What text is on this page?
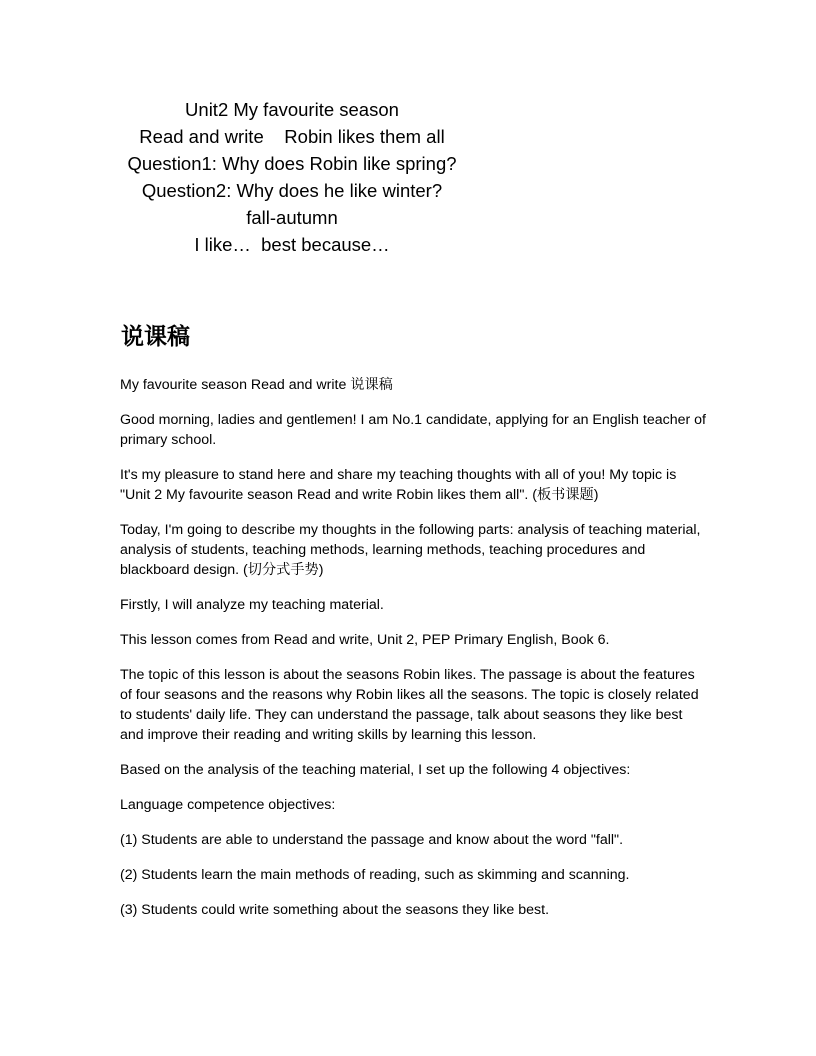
Unit2 My favourite season

Read and write    Robin likes them all

Question1: Why does Robin like spring?

Question2: Why does he like winter?

fall-autumn

I like…  best because…

说课稿

My favourite season Read and write 说课稿

Good morning, ladies and gentlemen! I am No.1 candidate, applying for an English teacher of primary school.

It's my pleasure to stand here and share my teaching thoughts with all of you! My topic is "Unit 2 My favourite season Read and write Robin likes them all". (板书课题)

Today, I'm going to describe my thoughts in the following parts: analysis of teaching material, analysis of students, teaching methods, learning methods, teaching procedures and blackboard design. (切分式手势)

Firstly, I will analyze my teaching material.

This lesson comes from Read and write, Unit 2, PEP Primary English, Book 6.

The topic of this lesson is about the seasons Robin likes. The passage is about the features of four seasons and the reasons why Robin likes all the seasons. The topic is closely related to students' daily life. They can understand the passage, talk about seasons they like best and improve their reading and writing skills by learning this lesson.

Based on the analysis of the teaching material, I set up the following 4 objectives:

Language competence objectives:

(1) Students are able to understand the passage and know about the word "fall".

(2) Students learn the main methods of reading, such as skimming and scanning.

(3) Students could write something about the seasons they like best.
